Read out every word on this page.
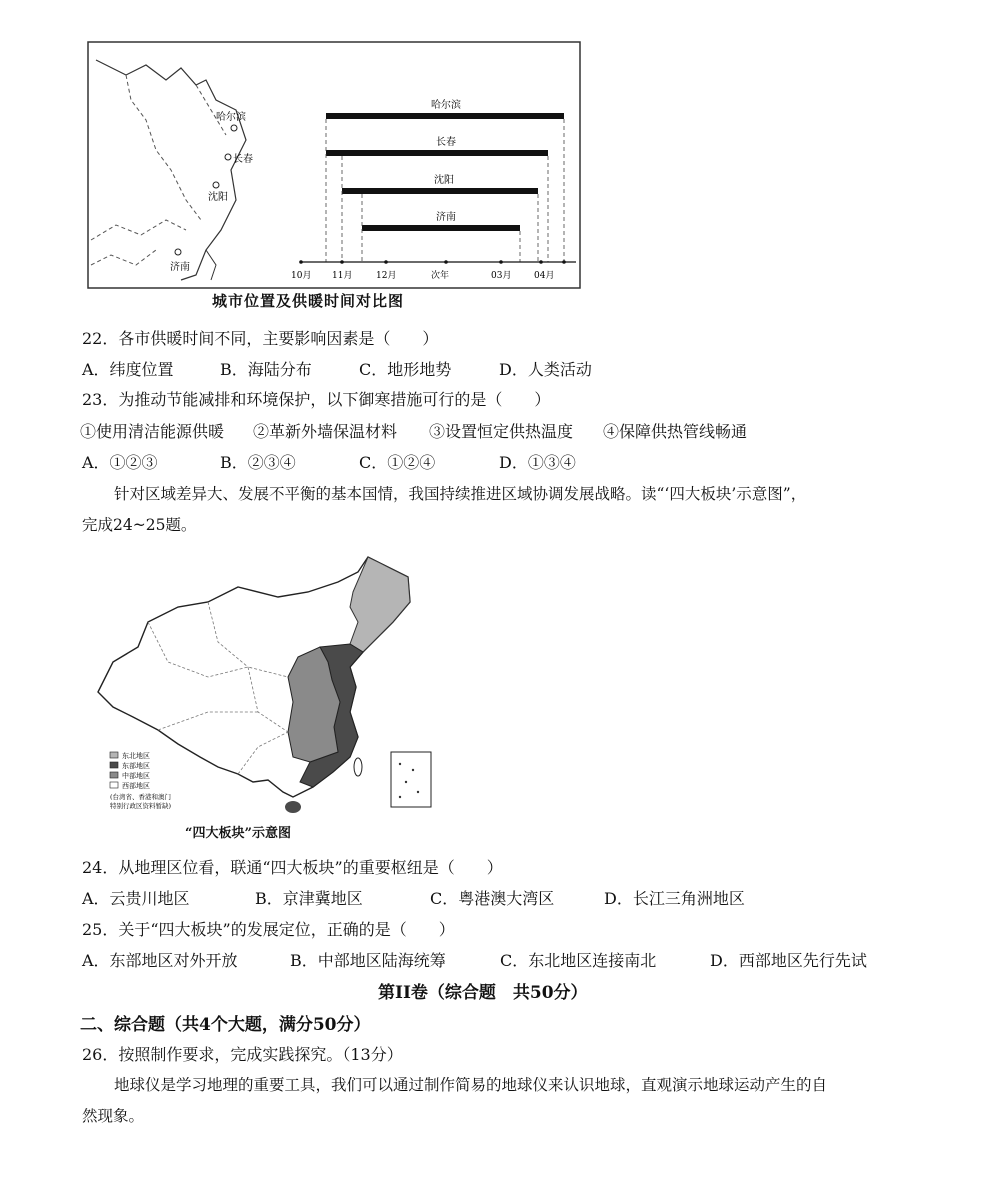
哈尔滨
长春
沈阳
济南
哈尔滨
长春
沈阳
济南
10月 11月	12月	次年	03月	04月
城市位置及供暖时间对比图
22．各市供暖时间不同，主要影响因素是（　　）
A．纬度位置	B．海陆分布	C．地形地势	D．人类活动
23．为推动节能减排和环境保护，以下御寒措施可行的是（　　）
①使用清洁能源供暖 ②革新外墙保温材料 ③设置恒定供热温度 ④保障供热管线畅通
A．①②③	B．②③④	C．①②④	D．①③④
针对区域差异大、发展不平衡的基本国情，我国持续推进区域协调发展战略。读“‘四大板块’示意图”，
完成24~25题。
东北地区
东部地区
中部地区
西部地区
(台湾省、香港和澳门
特别行政区资料暂缺)
“四大板块”示意图
24．从地理区位看，联通“四大板块”的重要枢纽是（　　）
A．云贵川地区	B．京津冀地区	C．粤港澳大湾区	D．长江三角洲地区
25．关于“四大板块”的发展定位，正确的是（　　）
A．东部地区对外开放	B．中部地区陆海统筹	C．东北地区连接南北	D．西部地区先行先试
第II卷（综合题　共50分）
二、综合题（共4个大题，满分50分）
26．按照制作要求，完成实践探究。（13分）
地球仪是学习地理的重要工具，我们可以通过制作简易的地球仪来认识地球，直观演示地球运动产生的自
然现象。
